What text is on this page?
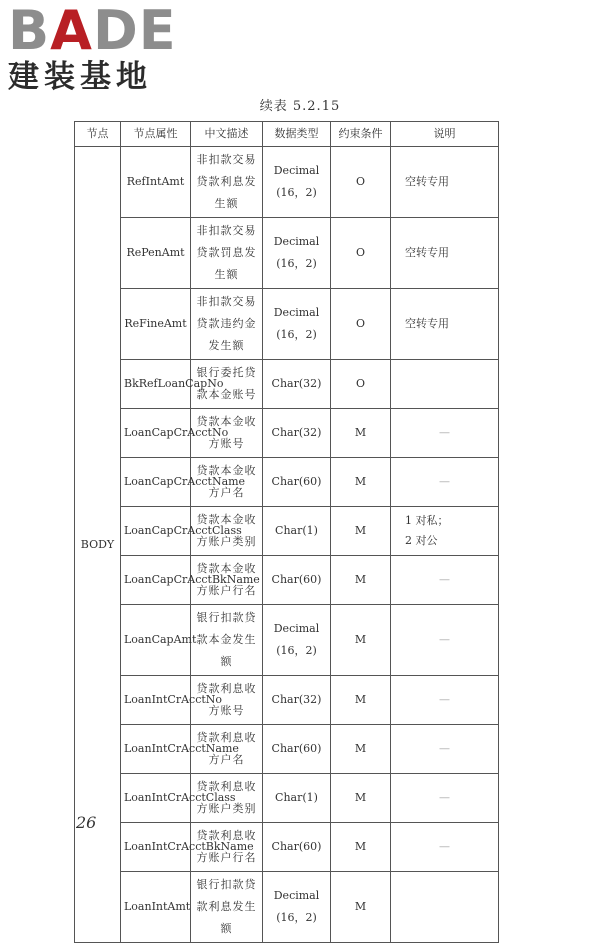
BADE
建装基地
续表 5.2.15
节点	节点属性	中文描述	数据类型	约束条件	说明
BODY	RefIntAmt	非扣款交易贷款利息发生额	Decimal (16，2)	O	空转专用

	RePenAmt	非扣款交易贷款罚息发生额	Decimal (16，2)	O	空转专用

	ReFineAmt	非扣款交易贷款违约金发生额	Decimal (16，2)	O	空转专用

	BkRefLoanCapNo	银行委托贷款本金账号	Char(32)	O	
	LoanCapCrAcctNo	贷款本金收方账号	Char(32)	M	—

	LoanCapCrAcctName	贷款本金收方户名	Char(60)	M	—

	LoanCapCrAcctClass	贷款本金收方账户类别	Char(1)	M	1 对私；
2 对公

	LoanCapCrAcctBkName	贷款本金收方账户行名	Char(60)	M	—

	LoanCapAmt	银行扣款贷款本金发生额	Decimal (16，2)	M	—

	LoanIntCrAcctNo	贷款利息收方账号	Char(32)	M	—

	LoanIntCrAcctName	贷款利息收方户名	Char(60)	M	—

	LoanIntCrAcctClass	贷款利息收方账户类别	Char(1)	M	—

	LoanIntCrAcctBkName	贷款利息收方账户行名	Char(60)	M	—

	LoanIntAmt	银行扣款贷款利息发生额	Decimal (16，2)	M	
26
